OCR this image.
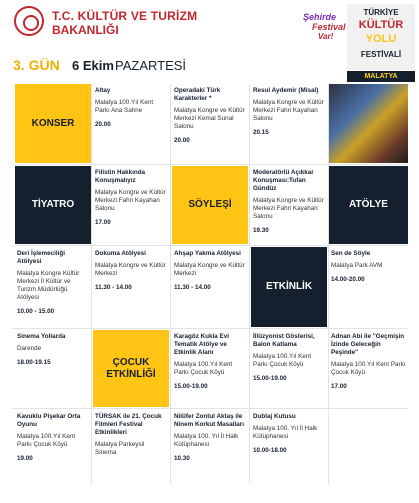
T.C. KÜLTÜR VE TURİZM
BAKANLIĞI
Şehirde
Festival
Var!
TÜRKİYE
KÜLTÜR
YOLU
FESTİVALİ
MALATYA
3. GÜN 6 Ekim PAZARTESİ
KONSER
Altay
Malatya 100.Yıl Kent Parkı Ana Sahne
20.00
Operadaki Türk Karakterler *
Malatya Kongre ve Kültür Merkezi Kemal Sunal Salonu
20.00
Resul Aydemir (Misal)
Malatya Kongre ve Kültür Merkezi Fahri Kayahan Salonu
20.15
TİYATRO
Filistin Hakkında Konuşmalıyız
Malatya Kongre ve Kültür Merkezi Fahri Kayahan Salonu
17.00
SÖYLEŞİ
Moderatörlü Açıkkar Konuşması:Tufan Gündüz
Malatya Kongre ve Kültür Merkezi Fahri Kayahan Salonu
19.30
ATÖLYE
Deri İşlemeciliği Atölyesi
Malatya Kongre Kültür Merkezi İl Kültür ve Turizm Müdürlüğü Atölyesi
10.00 - 15.00
Dokuma Atölyesi
Malatya Kongre ve Kültür Merkezi
11.30 - 14.00
Ahşap Yakma Atölyesi
Malatya Kongre ve Kültür Merkezi
11.30 - 14.00	ETKİNLİK
Sen de Söyle
Malatya Park AVM
14.00-20.00
Sinema Yollarda
Darende
18.00-19.15	ÇOCUK ETKİNLİĞİ
Karagöz Kukla Evi Tematik Atölye ve Etkinlik Alanı
Malatya 100.Yıl Kent Parkı Çocuk Köyü
15.00-19.00
İllüzyonist Gösterisi, Balon Katlama
Malatya 100.Yıl Kent Parkı Çocuk Köyü
15.00-19.00
Adnan Abi ile "Geçmişin İzinde Geleceğin Peşinde"
Malatya 100.Yıl Kent Parkı Çocuk Köyü
17.00
Kavuklu Pişekar Orta Oyunu
Malatya 100.Yıl Kent Parkı Çocuk Köyü
19.00
TÜRSAK ile 21. Çocuk Filmleri Festival Etkinlikleri
Malatya Parkeysil Sinema
Nilüfer Zontul Aktaş ile Ninem Korkut Masalları
Malatya 100. Yıl İl Halk Kütüphanesi
10.30
Dublaj Kutusu
Malatya 100. Yıl İl Halk Kütüphanesi
10.00-18.00
